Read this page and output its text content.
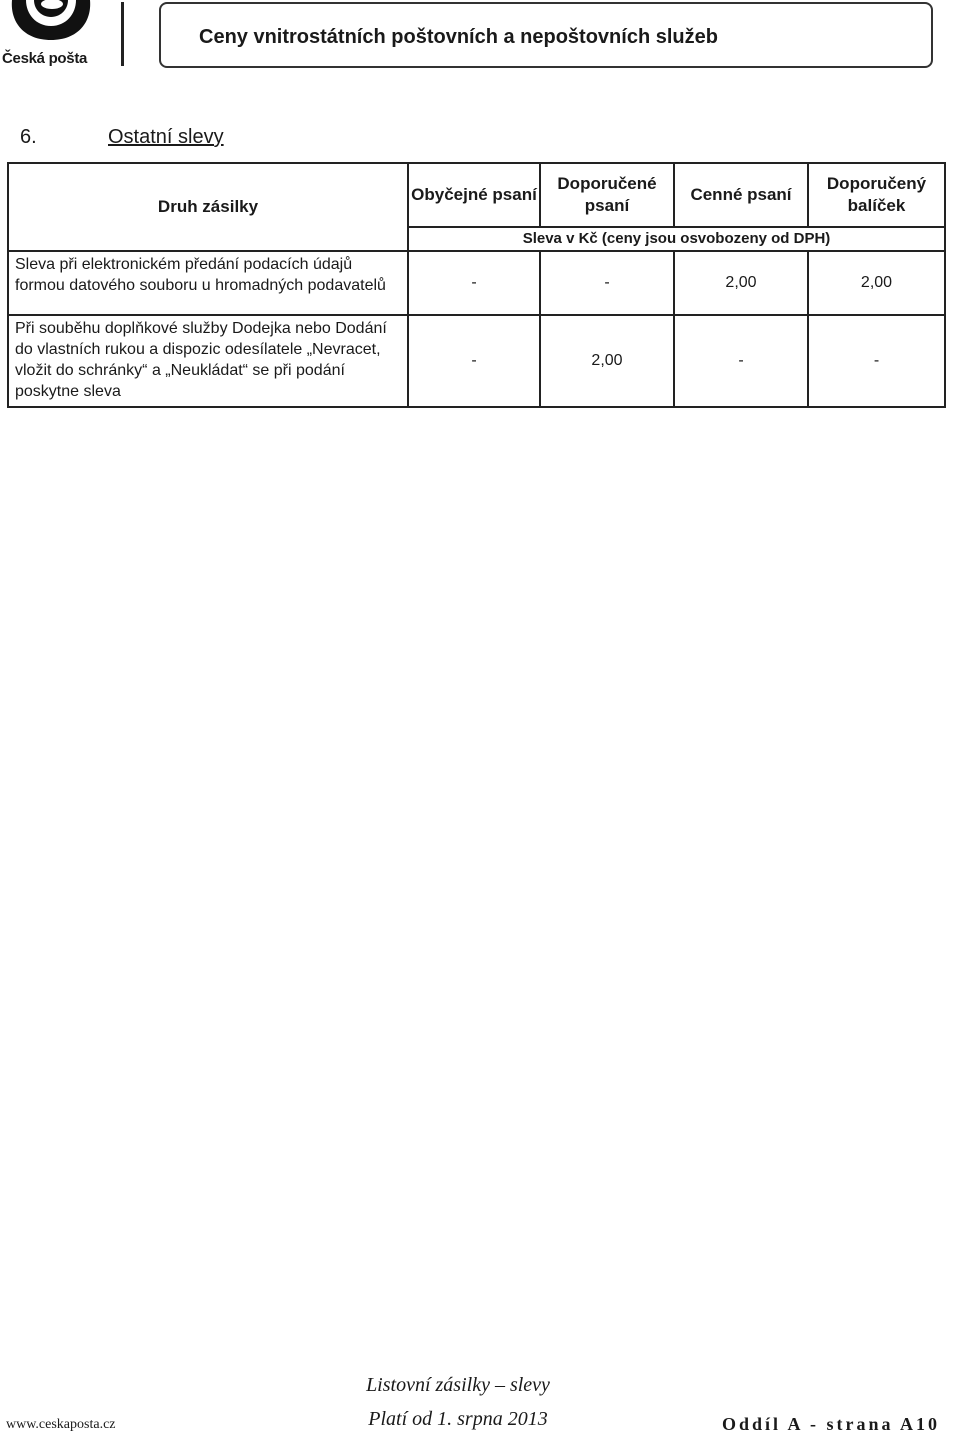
Česká pošta
Ceny vnitrostátních poštovních a nepoštovních služeb
6.	Ostatní slevy
Druh zásilky	Obyčejné psaní	Doporučené psaní	Cenné psaní	Doporučený balíček
	Sleva v Kč (ceny jsou osvobozeny od DPH)			
Sleva při elektronickém předání podacích údajů formou datového souboru u hromadných podavatelů	-	-	2,00	2,00
Při souběhu doplňkové služby Dodejka nebo Dodání do vlastních rukou a dispozic odesílatele „Nevracet, vložit do schránky“ a „Neukládat“ se při podání poskytne sleva	-	2,00	-	-
Listovní zásilky – slevy
Platí od 1. srpna 2013
www.ceskaposta.cz	Oddíl A - strana A10
